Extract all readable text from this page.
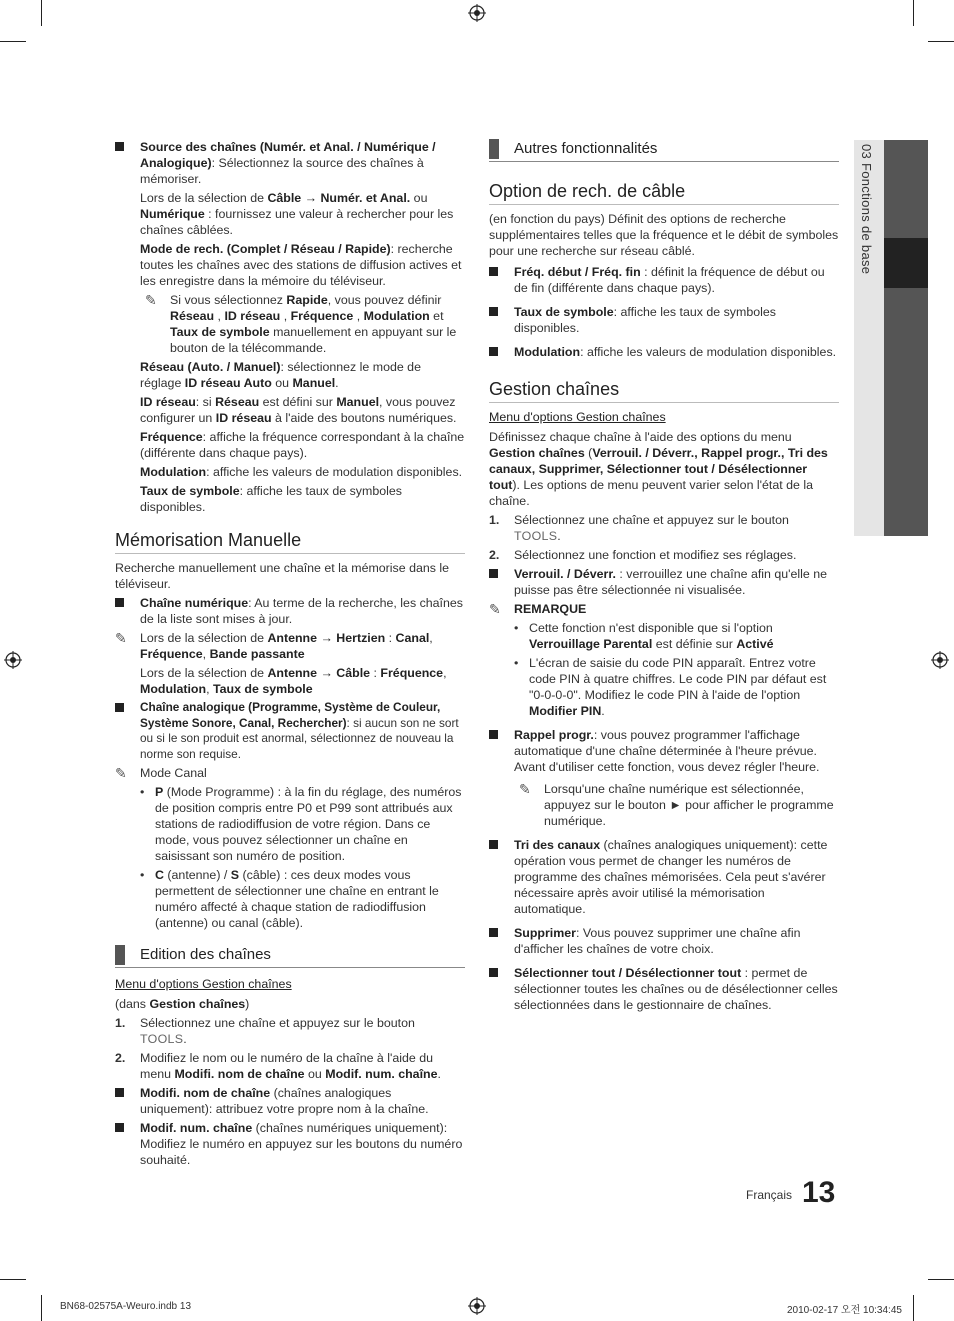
03 Fonctions de base
Source des chaînes (Numér. et Anal. / Numérique / Analogique): Sélectionnez la source des chaînes à mémoriser.
Lors de la sélection de Câble → Numér. et Anal. ou Numérique : fournissez une valeur à rechercher pour les chaînes câblées.
Mode de rech. (Complet / Réseau / Rapide): recherche toutes les chaînes avec des stations de diffusion actives et les enregistre dans la mémoire du téléviseur.
✎ Si vous sélectionnez Rapide, vous pouvez définir Réseau , ID réseau , Fréquence , Modulation et Taux de symbole manuellement en appuyant sur le bouton de la télécommande.
Réseau (Auto. / Manuel): sélectionnez le mode de réglage ID réseau Auto ou Manuel.
ID réseau: si Réseau est défini sur Manuel, vous pouvez configurer un ID réseau à l'aide des boutons numériques.
Fréquence: affiche la fréquence correspondant à la chaîne (différente dans chaque pays).
Modulation: affiche les valeurs de modulation disponibles.
Taux de symbole: affiche les taux de symboles disponibles.
Mémorisation Manuelle
Recherche manuellement une chaîne et la mémorise dans le téléviseur.
Chaîne numérique: Au terme de la recherche, les chaînes de la liste sont mises à jour.
✎ Lors de la sélection de Antenne → Hertzien : Canal, Fréquence, Bande passante
Lors de la sélection de Antenne → Câble : Fréquence, Modulation, Taux de symbole
Chaîne analogique (Programme, Système de Couleur, Système Sonore, Canal, Rechercher): si aucun son ne sort ou si le son produit est anormal, sélectionnez de nouveau la norme son requise.
✎ Mode Canal
• P (Mode Programme) : à la fin du réglage, des numéros de position compris entre P0 et P99 sont attribués aux stations de radiodiffusion de votre région. Dans ce mode, vous pouvez sélectionner un chaîne en saisissant son numéro de position.
• C (antenne) / S (câble) : ces deux modes vous permettent de sélectionner une chaîne en entrant le numéro affecté à chaque station de radiodiffusion (antenne) ou canal (câble).
Edition des chaînes
Menu d'options Gestion chaînes
(dans Gestion chaînes)
1. Sélectionnez une chaîne et appuyez sur le bouton TOOLS.
2. Modifiez le nom ou le numéro de la chaîne à l'aide du menu Modifi. nom de chaîne ou Modif. num. chaîne.
Modifi. nom de chaîne (chaînes analogiques uniquement): attribuez votre propre nom à la chaîne.
Modif. num. chaîne (chaînes numériques uniquement): Modifiez le numéro en appuyez sur les boutons du numéro souhaité.
Autres fonctionnalités
Option de rech. de câble
(en fonction du pays) Définit des options de recherche supplémentaires telles que la fréquence et le débit de symboles pour une recherche sur réseau câblé.
Fréq. début / Fréq. fin : définit la fréquence de début ou de fin (différente dans chaque pays).
Taux de symbole: affiche les taux de symboles disponibles.
Modulation: affiche les valeurs de modulation disponibles.
Gestion chaînes
Menu d'options Gestion chaînes
Définissez chaque chaîne à l'aide des options du menu Gestion chaînes (Verrouil. / Déverr., Rappel progr., Tri des canaux, Supprimer, Sélectionner tout / Désélectionner tout). Les options de menu peuvent varier selon l'état de la chaîne.
1. Sélectionnez une chaîne et appuyez sur le bouton TOOLS.
2. Sélectionnez une fonction et modifiez ses réglages.
Verrouil. / Déverr. : verrouillez une chaîne afin qu'elle ne puisse pas être sélectionnée ni visualisée.
✎ REMARQUE
• Cette fonction n'est disponible que si l'option Verrouillage Parental est définie sur Activé
• L'écran de saisie du code PIN apparaît. Entrez votre code PIN à quatre chiffres. Le code PIN par défaut est "0-0-0-0". Modifiez le code PIN à l'aide de l'option Modifier PIN.
Rappel progr.: vous pouvez programmer l'affichage automatique d'une chaîne déterminée à l'heure prévue. Avant d'utiliser cette fonction, vous devez régler l'heure.
✎ Lorsqu'une chaîne numérique est sélectionnée, appuyez sur le bouton ► pour afficher le programme numérique.
Tri des canaux (chaînes analogiques uniquement): cette opération vous permet de changer les numéros de programme des chaînes mémorisées. Cela peut s'avérer nécessaire après avoir utilisé la mémorisation automatique.
Supprimer: Vous pouvez supprimer une chaîne afin d'afficher les chaînes de votre choix.
Sélectionner tout / Désélectionner tout : permet de sélectionner toutes les chaînes ou de désélectionner celles sélectionnées dans le gestionnaire de chaînes.
Français 13
BN68-02575A-Weuro.indb 13	2010-02-17 오전 10:34:45
